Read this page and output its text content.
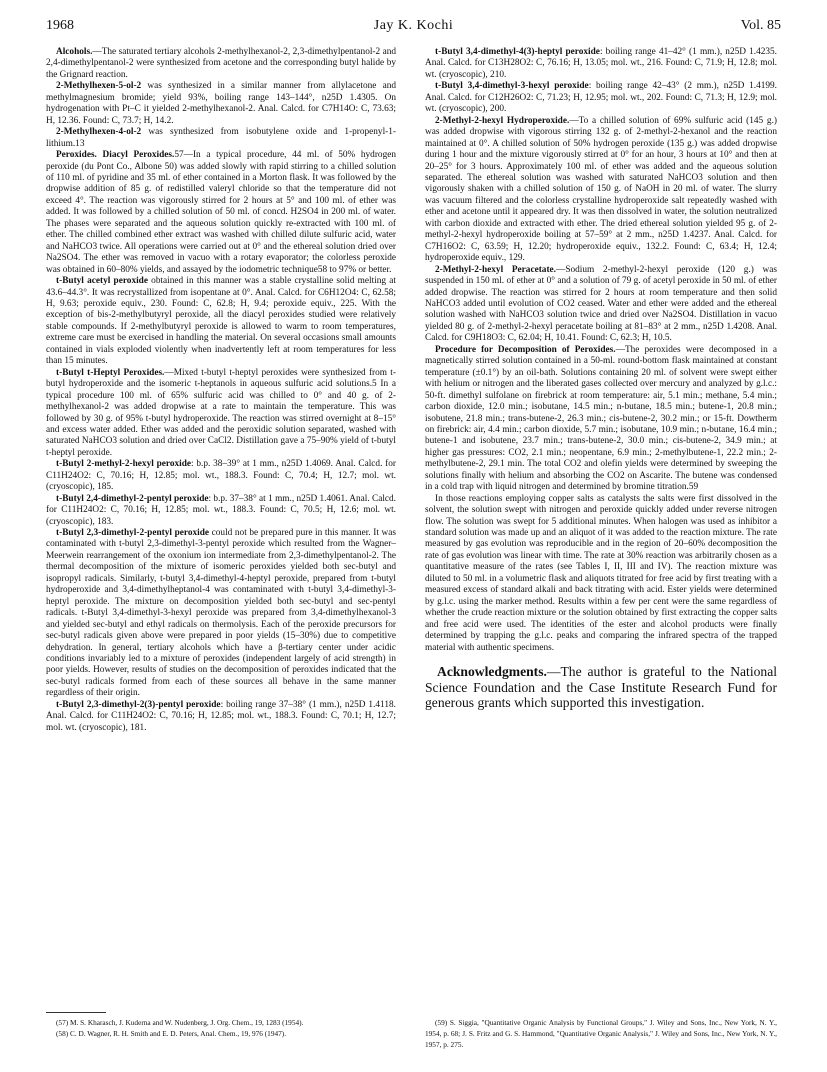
1968	Jay K. Kochi	Vol. 85

Alcohols.—The saturated tertiary alcohols 2-methylhexanol-2, 2,3-dimethylpentanol-2 and 2,4-dimethylpentanol-2 were synthesized from acetone and the corresponding butyl halide by the Grignard reaction.

2-Methylhexen-5-ol-2 was synthesized in a similar manner from allylacetone and methylmagnesium bromide; yield 93%, boiling range 143–144°, n25D 1.4305. On hydrogenation with Pt–C it yielded 2-methylhexanol-2. Anal. Calcd. for C7H14O: C, 73.63; H, 12.36. Found: C, 73.7; H, 14.2.

2-Methylhexen-4-ol-2 was synthesized from isobutylene oxide and 1-propenyl-1-lithium.13

Peroxides. Diacyl Peroxides.57—In a typical procedure, 44 ml. of 50% hydrogen peroxide (du Pont Co., Albone 50) was added slowly with rapid stirring to a chilled solution of 110 ml. of pyridine and 35 ml. of ether contained in a Morton flask. It was followed by the dropwise addition of 85 g. of redistilled valeryl chloride so that the temperature did not exceed 4°. The reaction was vigorously stirred for 2 hours at 5° and 100 ml. of ether was added. It was followed by a chilled solution of 50 ml. of concd. H2SO4 in 200 ml. of water. The phases were separated and the aqueous solution quickly re-extracted with 100 ml. of ether. The chilled combined ether extract was washed with chilled dilute sulfuric acid, water and NaHCO3 twice. All operations were carried out at 0° and the ethereal solution dried over Na2SO4. The ether was removed in vacuo with a rotary evaporator; the colorless peroxide was obtained in 60–80% yields, and assayed by the iodometric technique58 to 97% or better.

t-Butyl acetyl peroxide obtained in this manner was a stable crystalline solid melting at 43.6–44.3°. It was recrystallized from isopentane at 0°. Anal. Calcd. for C6H12O4: C, 62.58; H, 9.63; peroxide equiv., 230. Found: C, 62.8; H, 9.4; peroxide equiv., 225. With the exception of bis-2-methylbutyryl peroxide, all the diacyl peroxides studied were relatively stable compounds. If 2-methylbutyryl peroxide is allowed to warm to room temperatures, extreme care must be exercised in handling the material. On several occasions small amounts contained in vials exploded violently when inadvertently left at room temperatures for less than 15 minutes.

t-Butyl t-Heptyl Peroxides.—Mixed t-butyl t-heptyl peroxides were synthesized from t-butyl hydroperoxide and the isomeric t-heptanols in aqueous sulfuric acid solutions.5 In a typical procedure 100 ml. of 65% sulfuric acid was chilled to 0° and 40 g. of 2-methylhexanol-2 was added dropwise at a rate to maintain the temperature. This was followed by 30 g. of 95% t-butyl hydroperoxide. The reaction was stirred overnight at 8–15° and excess water added. Ether was added and the peroxidic solution separated, washed with saturated NaHCO3 solution and dried over CaCl2. Distillation gave a 75–90% yield of t-butyl t-heptyl peroxide.

t-Butyl 2-methyl-2-hexyl peroxide: b.p. 38–39° at 1 mm., n25D 1.4069. Anal. Calcd. for C11H24O2: C, 70.16; H, 12.85; mol. wt., 188.3. Found: C, 70.4; H, 12.7; mol. wt. (cryoscopic), 185.

t-Butyl 2,4-dimethyl-2-pentyl peroxide: b.p. 37–38° at 1 mm., n25D 1.4061. Anal. Calcd. for C11H24O2: C, 70.16; H, 12.85; mol. wt., 188.3. Found: C, 70.5; H, 12.6; mol. wt. (cryoscopic), 183.

t-Butyl 2,3-dimethyl-2-pentyl peroxide could not be prepared pure in this manner. It was contaminated with t-butyl 2,3-dimethyl-3-pentyl peroxide which resulted from the Wagner–Meerwein rearrangement of the oxonium ion intermediate from 2,3-dimethylpentanol-2. The thermal decomposition of the mixture of isomeric peroxides yielded both sec-butyl and isopropyl radicals. Similarly, t-butyl 3,4-dimethyl-4-heptyl peroxide, prepared from t-butyl hydroperoxide and 3,4-dimethylheptanol-4 was contaminated with t-butyl 3,4-dimethyl-3-heptyl peroxide. The mixture on decomposition yielded both sec-butyl and sec-pentyl radicals. t-Butyl 3,4-dimethyl-3-hexyl peroxide was prepared from 3,4-dimethylhexanol-3 and yielded sec-butyl and ethyl radicals on thermolysis. Each of the peroxide precursors for sec-butyl radicals given above were prepared in poor yields (15–30%) due to competitive dehydration. In general, tertiary alcohols which have a β-tertiary center under acidic conditions invariably led to a mixture of peroxides (independent largely of acid strength) in poor yields. However, results of studies on the decomposition of peroxides indicated that the sec-butyl radicals formed from each of these sources all behave in the same manner regardless of their origin.

t-Butyl 2,3-dimethyl-2(3)-pentyl peroxide: boiling range 37–38° (1 mm.), n25D 1.4118. Anal. Calcd. for C11H24O2: C, 70.16; H, 12.85; mol. wt., 188.3. Found: C, 70.1; H, 12.7; mol. wt. (cryoscopic), 181.

t-Butyl 3,4-dimethyl-4(3)-heptyl peroxide: boiling range 41–42° (1 mm.), n25D 1.4235. Anal. Calcd. for C13H28O2: C, 76.16; H, 13.05; mol. wt., 216. Found: C, 71.9; H, 12.8; mol. wt. (cryoscopic), 210.

t-Butyl 3,4-dimethyl-3-hexyl peroxide: boiling range 42–43° (2 mm.), n25D 1.4199. Anal. Calcd. for C12H26O2: C, 71.23; H, 12.95; mol. wt., 202. Found: C, 71.3; H, 12.9; mol. wt. (cryoscopic), 200.

2-Methyl-2-hexyl Hydroperoxide.—To a chilled solution of 69% sulfuric acid (145 g.) was added dropwise with vigorous stirring 132 g. of 2-methyl-2-hexanol and the reaction maintained at 0°. A chilled solution of 50% hydrogen peroxide (135 g.) was added dropwise during 1 hour and the mixture vigorously stirred at 0° for an hour, 3 hours at 10° and then at 20–25° for 3 hours. Approximately 100 ml. of ether was added and the aqueous solution separated. The ethereal solution was washed with saturated NaHCO3 solution and then vigorously shaken with a chilled solution of 150 g. of NaOH in 20 ml. of water. The slurry was vacuum filtered and the colorless crystalline hydroperoxide salt repeatedly washed with ether and acetone until it appeared dry. It was then dissolved in water, the solution neutralized with carbon dioxide and extracted with ether. The dried ethereal solution yielded 95 g. of 2-methyl-2-hexyl hydroperoxide boiling at 57–59° at 2 mm., n25D 1.4237. Anal. Calcd. for C7H16O2: C, 63.59; H, 12.20; hydroperoxide equiv., 132.2. Found: C, 63.4; H, 12.4; hydroperoxide equiv., 129.

2-Methyl-2-hexyl Peracetate.—Sodium 2-methyl-2-hexyl peroxide (120 g.) was suspended in 150 ml. of ether at 0° and a solution of 79 g. of acetyl peroxide in 50 ml. of ether added dropwise. The reaction was stirred for 2 hours at room temperature and then solid NaHCO3 added until evolution of CO2 ceased. Water and ether were added and the ethereal solution washed with NaHCO3 solution twice and dried over Na2SO4. Distillation in vacuo yielded 80 g. of 2-methyl-2-hexyl peracetate boiling at 81–83° at 2 mm., n25D 1.4208. Anal. Calcd. for C9H18O3: C, 62.04; H, 10.41. Found: C, 62.3; H, 10.5.

Procedure for Decomposition of Peroxides.—The peroxides were decomposed in a magnetically stirred solution contained in a 50-ml. round-bottom flask maintained at constant temperature (±0.1°) by an oil-bath. Solutions containing 20 ml. of solvent were swept either with helium or nitrogen and the liberated gases collected over mercury and analyzed by g.l.c.: 50-ft. dimethyl sulfolane on firebrick at room temperature: air, 5.1 min.; methane, 5.4 min.; carbon dioxide, 12.0 min.; isobutane, 14.5 min.; n-butane, 18.5 min.; butene-1, 20.8 min.; isobutene, 21.8 min.; trans-butene-2, 26.3 min.; cis-butene-2, 30.2 min.; or 15-ft. Dowtherm on firebrick: air, 4.4 min.; carbon dioxide, 5.7 min.; isobutane, 10.9 min.; n-butane, 16.4 min.; butene-1 and isobutene, 23.7 min.; trans-butene-2, 30.0 min.; cis-butene-2, 34.9 min.; at higher gas pressures: CO2, 2.1 min.; neopentane, 6.9 min.; 2-methylbutene-1, 22.2 min.; 2-methylbutene-2, 29.1 min. The total CO2 and olefin yields were determined by sweeping the solutions finally with helium and absorbing the CO2 on Ascarite. The butene was condensed in a cold trap with liquid nitrogen and determined by bromine titration.59

In those reactions employing copper salts as catalysts the salts were first dissolved in the solvent, the solution swept with nitrogen and peroxide quickly added under reverse nitrogen flow. The solution was swept for 5 additional minutes. When halogen was used as inhibitor a standard solution was made up and an aliquot of it was added to the reaction mixture. The rate measured by gas evolution was reproducible and in the region of 20–60% decomposition the rate of gas evolution was linear with time. The rate at 30% reaction was arbitrarily chosen as a quantitative measure of the rates (see Tables I, II, III and IV). The reaction mixture was diluted to 50 ml. in a volumetric flask and aliquots titrated for free acid by first treating with a measured excess of standard alkali and back titrating with acid. Ester yields were determined by g.l.c. using the marker method. Results within a few per cent were the same regardless of whether the crude reaction mixture or the solution obtained by first extracting the copper salts and free acid were used. The identities of the ester and alcohol products were finally determined by trapping the g.l.c. peaks and comparing the infrared spectra of the trapped material with authentic specimens.

Acknowledgments.—The author is grateful to the National Science Foundation and the Case Institute Research Fund for generous grants which supported this investigation.

(57) M. S. Kharasch, J. Kuderna and W. Nudenberg, J. Org. Chem., 19, 1283 (1954).

(58) C. D. Wagner, R. H. Smith and E. D. Peters, Anal. Chem., 19, 976 (1947).

(59) S. Siggia, "Quantitative Organic Analysis by Functional Groups," J. Wiley and Sons, Inc., New York, N. Y., 1954, p. 68; J. S. Fritz and G. S. Hammond, "Quantitative Organic Analysis," J. Wiley and Sons, Inc., New York, N. Y., 1957, p. 275.
